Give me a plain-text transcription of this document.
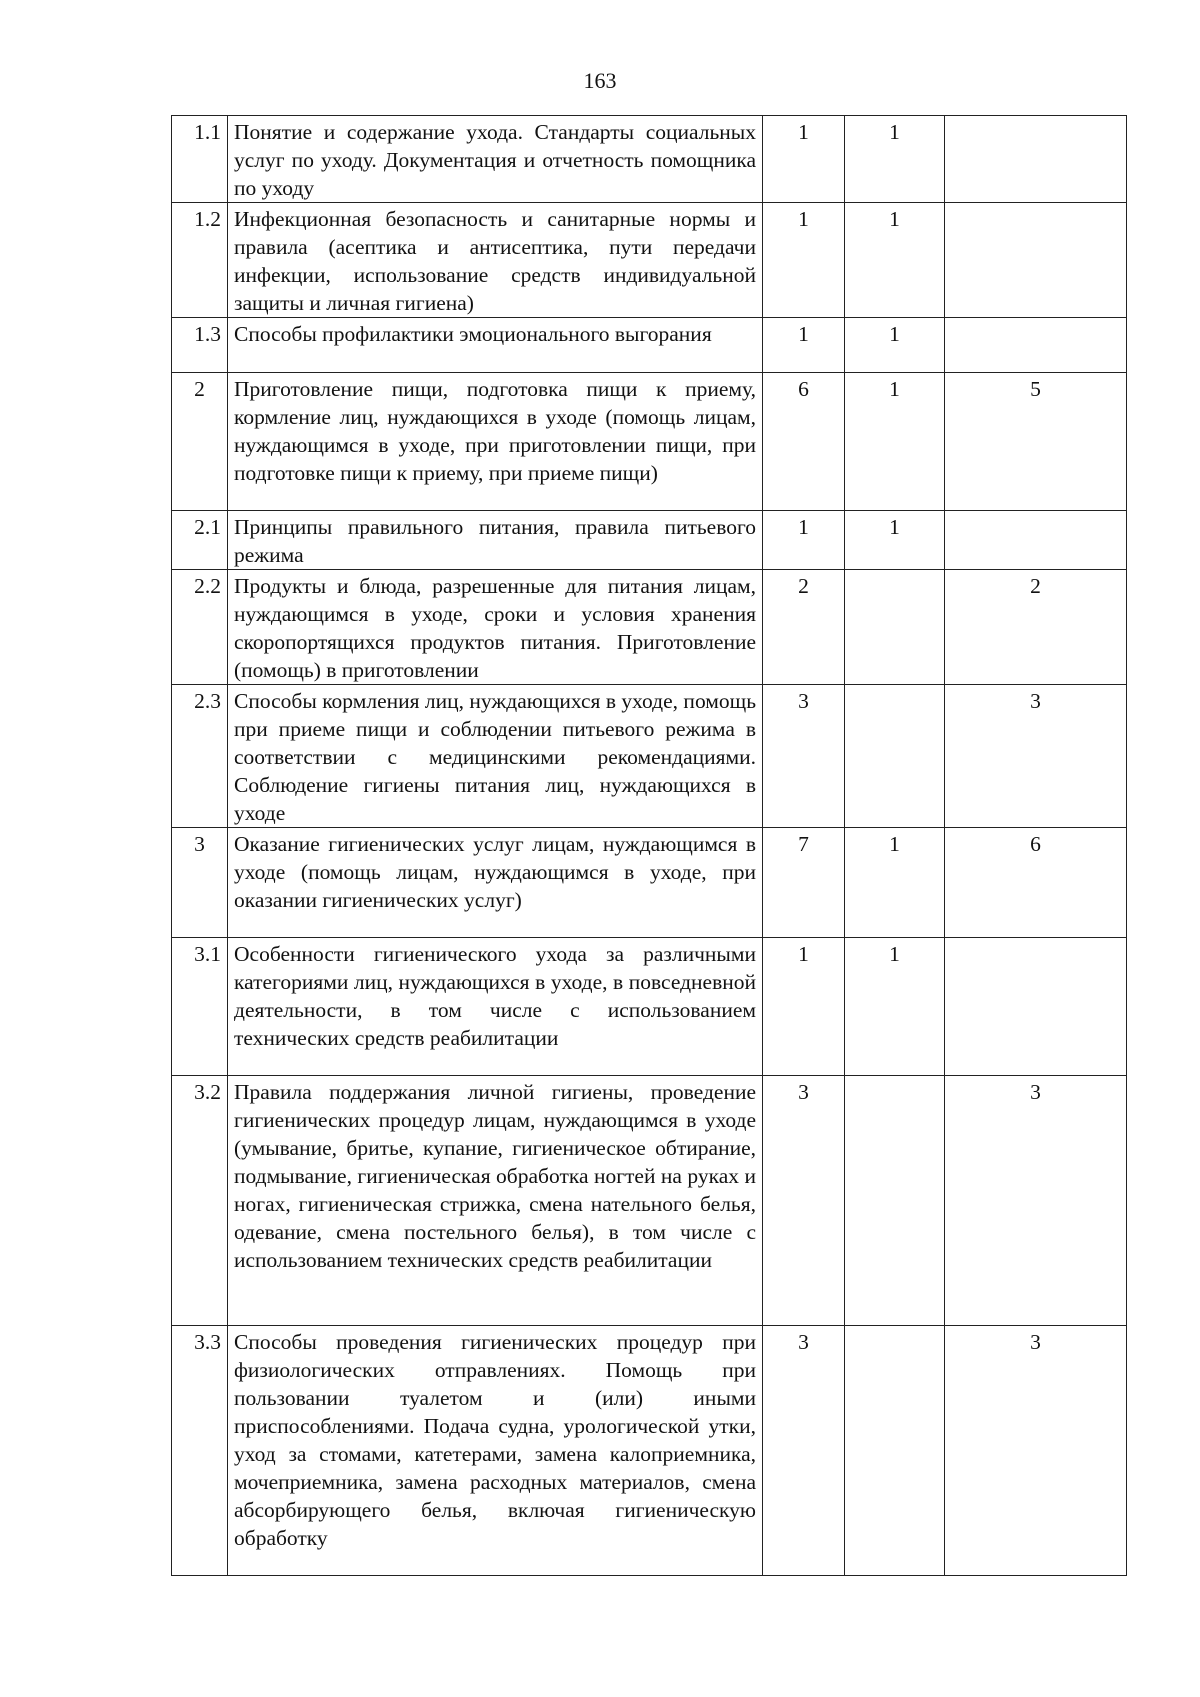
163
1.1	Понятие и содержание ухода. Стандарты социальных услуг по уходу. Документация и отчетность помощника по уходу	1	1	
1.2	Инфекционная безопасность и санитарные нормы и правила (асептика и антисептика, пути передачи инфекции, использование средств индивидуальной защиты и личная гигиена)	1	1	
1.3	Способы профилактики эмоционального выгорания	1	1	
2	Приготовление пищи, подготовка пищи к приему, кормление лиц, нуждающихся в уходе (помощь лицам, нуждающимся в уходе, при приготовлении пищи, при подготовке пищи к приему, при приеме пищи)	6	1	5
2.1	Принципы правильного питания, правила питьевого режима	1	1	
2.2	Продукты и блюда, разрешенные для питания лицам, нуждающимся в уходе, сроки и условия хранения скоропортящихся продуктов питания. Приготовление (помощь) в приготовлении	2		2
2.3	Способы кормления лиц, нуждающихся в уходе, помощь при приеме пищи и соблюдении питьевого режима в соответствии с медицинскими рекомендациями. Соблюдение гигиены питания лиц, нуждающихся в уходе	3		3
3	Оказание гигиенических услуг лицам, нуждающимся в уходе (помощь лицам, нуждающимся в уходе, при оказании гигиенических услуг)	7	1	6
3.1	Особенности гигиенического ухода за различными категориями лиц, нуждающихся в уходе, в повседневной деятельности, в том числе с использованием технических средств реабилитации	1	1	
3.2	Правила поддержания личной гигиены, проведение гигиенических процедур лицам, нуждающимся в уходе (умывание, бритье, купание, гигиеническое обтирание, подмывание, гигиеническая обработка ногтей на руках и ногах, гигиеническая стрижка, смена нательного белья, одевание, смена постельного белья), в том числе с использованием технических средств реабилитации	3		3
3.3	Способы проведения гигиенических процедур при физиологических отправлениях. Помощь при пользовании туалетом и (или) иными приспособлениями. Подача судна, урологической утки, уход за стомами, катетерами, замена калоприемника, мочеприемника, замена расходных материалов, смена абсорбирующего белья, включая гигиеническую обработку	3		3
